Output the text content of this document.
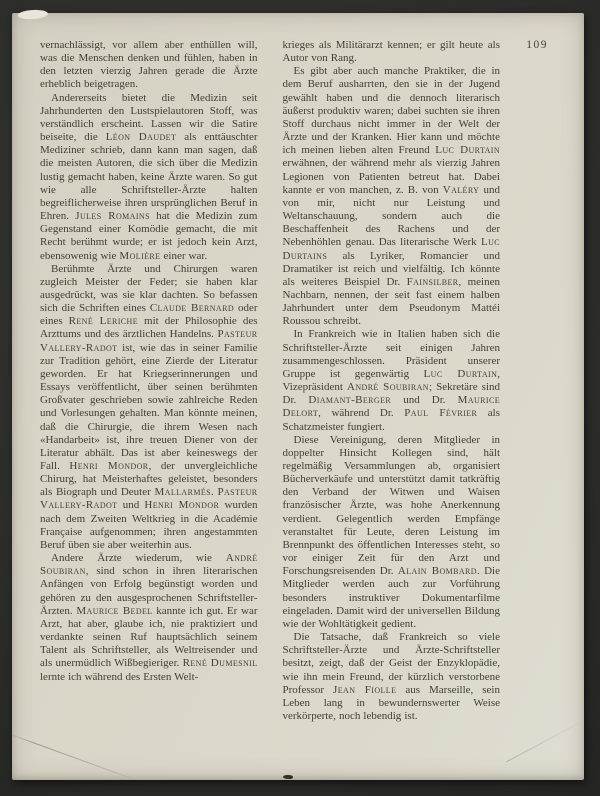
109

vernachlässigt, vor allem aber enthüllen will, was die Menschen denken und fühlen, haben in den letzten vierzig Jahren gerade die Ärzte erheblich beigetragen.

Andererseits bietet die Medizin seit Jahrhunderten den Lustspielautoren Stoff, was verständlich erscheint. Lassen wir die Satire beiseite, die Léon Daudet als enttäuschter Mediziner schrieb, dann kann man sagen, daß die meisten Autoren, die sich über die Medizin lustig gemacht haben, keine Ärzte waren. So gut wie alle Schriftsteller-Ärzte halten begreiflicherweise ihren ursprünglichen Beruf in Ehren. Jules Romains hat die Medizin zum Gegenstand einer Komödie gemacht, die mit Recht berühmt wurde; er ist jedoch kein Arzt, ebensowenig wie Molière einer war.

Berühmte Ärzte und Chirurgen waren zugleich Meister der Feder; sie haben klar ausgedrückt, was sie klar dachten. So befassen sich die Schriften eines Claude Bernard oder eines René Leriche mit der Philosophie des Arzttums und des ärztlichen Handelns. Pasteur Vallery-Radot ist, wie das in seiner Familie zur Tradition gehört, eine Zierde der Literatur geworden. Er hat Kriegserinnerungen und Essays veröffentlicht, über seinen berühmten Großvater geschrieben sowie zahlreiche Reden und Vorlesungen gehalten. Man könnte meinen, daß die Chirurgie, die ihrem Wesen nach «Handarbeit» ist, ihre treuen Diener von der Literatur abhält. Das ist aber keineswegs der Fall. Henri Mondor, der unvergleichliche Chirurg, hat Meisterhaftes geleistet, besonders als Biograph und Deuter Mallarmés. Pasteur Vallery-Radot und Henri Mondor wurden nach dem Zweiten Weltkrieg in die Académie Française aufgenommen; ihren angestammten Beruf üben sie aber weiterhin aus.

Andere Ärzte wiederum, wie André Soubiran, sind schon in ihren literarischen Anfängen von Erfolg begünstigt worden und gehören zu den ausgesprochenen Schriftsteller-Ärzten. Maurice Bedel kannte ich gut. Er war Arzt, hat aber, glaube ich, nie praktiziert und verdankte seinen Ruf hauptsächlich seinem Talent als Schriftsteller, als Weltreisender und als unermüdlich Wißbegieriger. René Dumesnil lernte ich während des Ersten Welt-

krieges als Militärarzt kennen; er gilt heute als Autor von Rang.

Es gibt aber auch manche Praktiker, die in dem Beruf ausharrten, den sie in der Jugend gewählt haben und die dennoch literarisch äußerst produktiv waren; dabei suchten sie ihren Stoff durchaus nicht immer in der Welt der Ärzte und der Kranken. Hier kann und möchte ich meinen lieben alten Freund Luc Durtain erwähnen, der während mehr als vierzig Jahren Legionen von Patienten betreut hat. Dabei kannte er von manchen, z. B. von Valéry und von mir, nicht nur Leistung und Weltanschauung, sondern auch die Beschaffenheit des Rachens und der Nebenhöhlen genau. Das literarische Werk Luc Durtains als Lyriker, Romancier und Dramatiker ist reich und vielfältig. Ich könnte als weiteres Beispiel Dr. Fainsilber, meinen Nachbarn, nennen, der seit fast einem halben Jahrhundert unter dem Pseudonym Mattéi Roussou schreibt.

In Frankreich wie in Italien haben sich die Schriftsteller-Ärzte seit einigen Jahren zusammengeschlossen. Präsident unserer Gruppe ist gegenwärtig Luc Durtain, Vizepräsident André Soubiran; Sekretäre sind Dr. Diamant-Berger und Dr. Maurice Delort, während Dr. Paul Février als Schatzmeister fungiert.

Diese Vereinigung, deren Mitglieder in doppelter Hinsicht Kollegen sind, hält regelmäßig Versammlungen ab, organisiert Bücherverkäufe und unterstützt damit tatkräftig den Verband der Witwen und Waisen französischer Ärzte, was hohe Anerkennung verdient. Gelegentlich werden Empfänge veranstaltet für Leute, deren Leistung im Brennpunkt des öffentlichen Interesses steht, so vor einiger Zeit für den Arzt und Forschungsreisenden Dr. Alain Bombard. Die Mitglieder werden auch zur Vorführung besonders instruktiver Dokumentarfilme eingeladen. Damit wird der universellen Bildung wie der Wohltätigkeit gedient.

Die Tatsache, daß Frankreich so viele Schriftsteller-Ärzte und Ärzte-Schriftsteller besitzt, zeigt, daß der Geist der Enzyklopädie, wie ihn mein Freund, der kürzlich verstorbene Professor Jean Fiolle aus Marseille, sein Leben lang in bewundernswerter Weise verkörperte, noch lebendig ist.
